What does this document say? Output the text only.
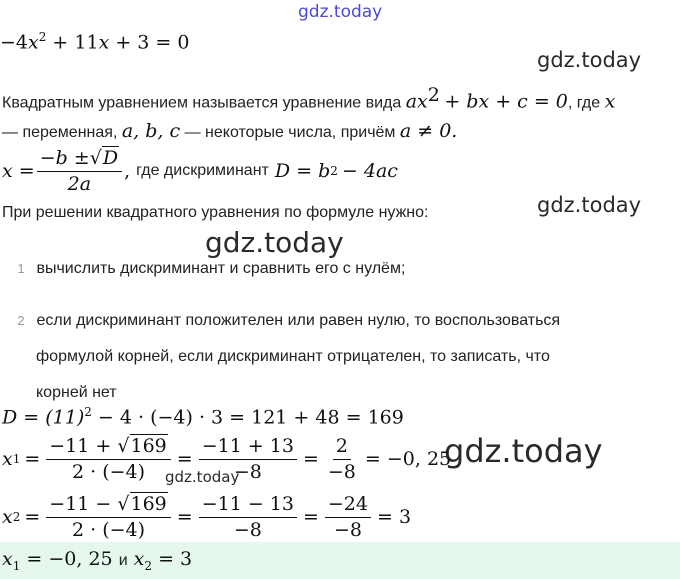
gdz.today
gdz.today
gdz.today
gdz.today
gdz.today
gdz.today
$-4x^2 + 11x + 3 = 0$
Квадратным уравнением называется уравнение вида $ax^2$ + bx + c = 0, где x
— переменная, a, b, c — некоторые числа, причём a ≠ 0.
$x = \frac{-b \pm√D}{2a}$ , где дискриминант D = b 2 − 4ac
При решении квадратного уравнения по формуле нужно:
1 вычислить дискриминант и сравнить его с нулём;
2 если дискриминант положителен или равен нулю, то воспользоваться
формулой корней, если дискриминант отрицателен, то записать, что
корней нет
$D = (11)^2 - 4 \cdot (-4) \cdot 3 = 121 + 48 = 169$
x $1 = \frac{-11 + √169}{2 \cdot (-4)} = \frac{-11 + 13}{-8} = \frac{2}{-8} = -0$, 25
x $2 = \frac{-11 - √169}{2 \cdot (-4)} = \frac{-11 - 13}{-8} = \frac{-24}{-8} = 3$
$x_1 = -0$, 25 и $x_2 = 3$
